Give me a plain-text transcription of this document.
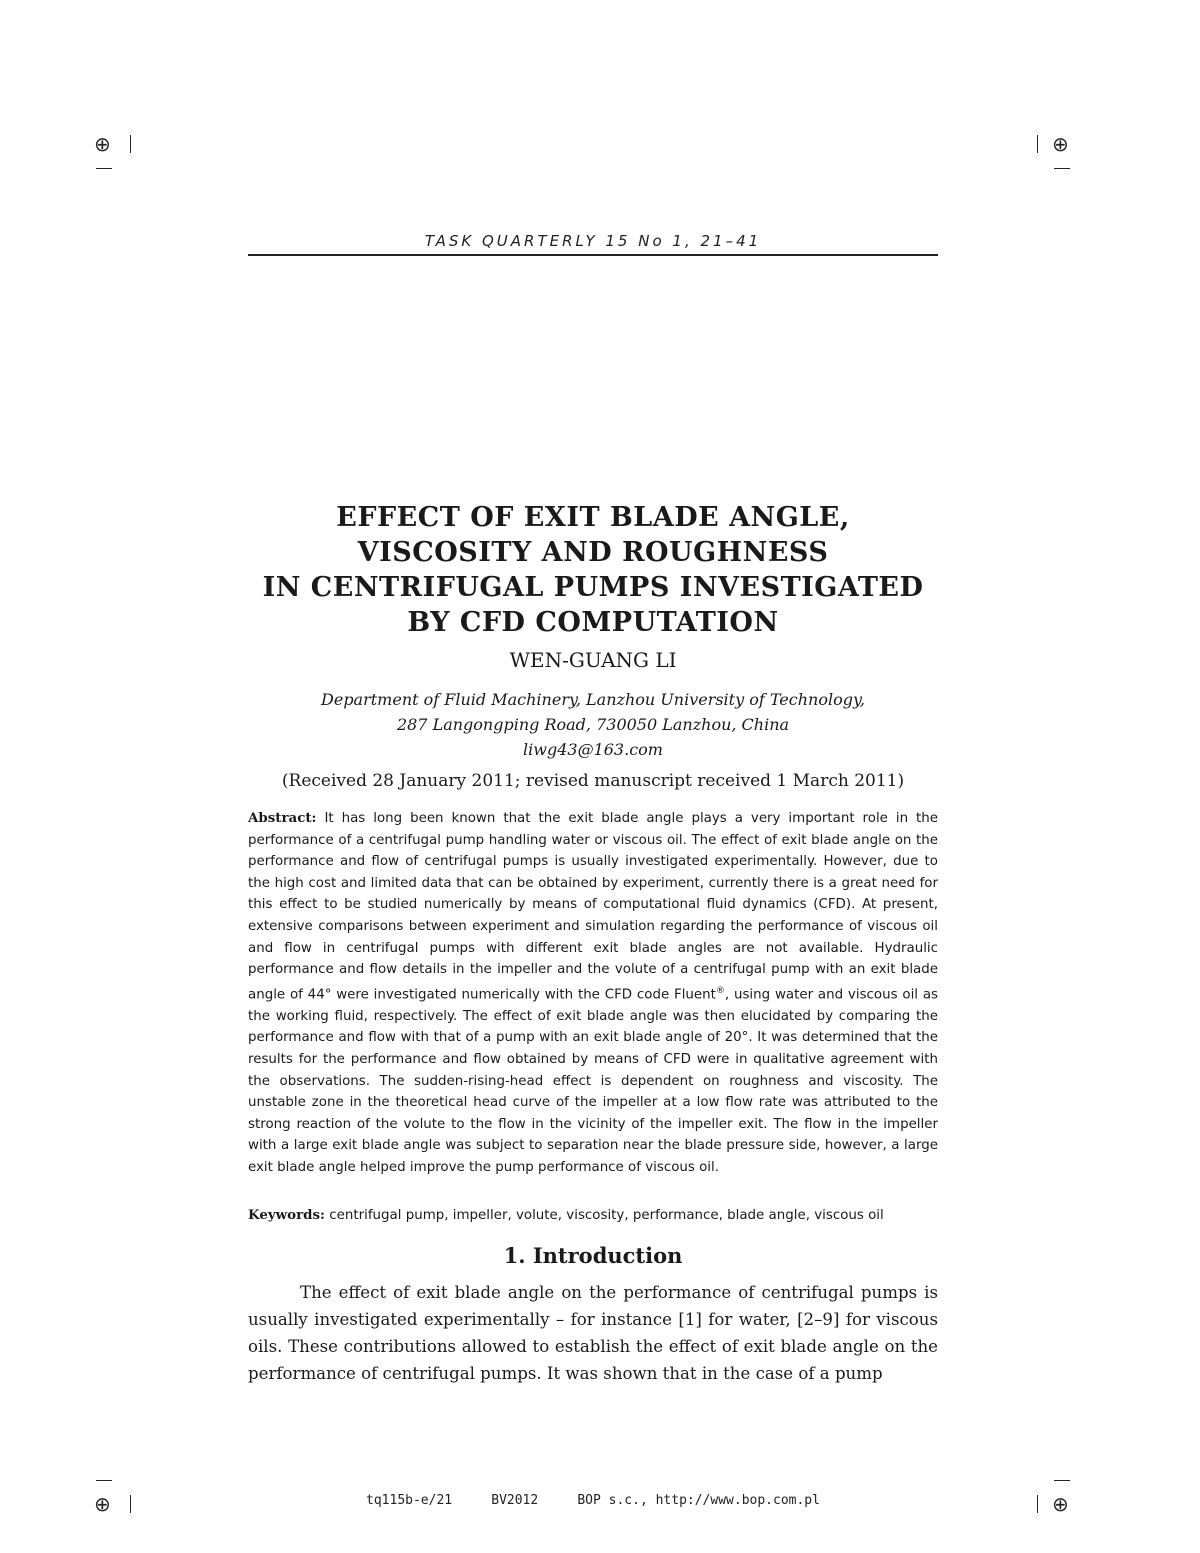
⊕	⊕
⊕	⊕
TASK QUARTERLY 15 No 1, 21–41
EFFECT OF EXIT BLADE ANGLE,
VISCOSITY AND ROUGHNESS
IN CENTRIFUGAL PUMPS INVESTIGATED
BY CFD COMPUTATION
WEN-GUANG LI
Department of Fluid Machinery, Lanzhou University of Technology,
287 Langongping Road, 730050 Lanzhou, China
liwg43@163.com
(Received 28 January 2011; revised manuscript received 1 March 2011)
Abstract: It has long been known that the exit blade angle plays a very important role in the performance of a centrifugal pump handling water or viscous oil. The effect of exit blade angle on the performance and flow of centrifugal pumps is usually investigated experimentally. However, due to the high cost and limited data that can be obtained by experiment, currently there is a great need for this effect to be studied numerically by means of computational fluid dynamics (CFD). At present, extensive comparisons between experiment and simulation regarding the performance of viscous oil and flow in centrifugal pumps with different exit blade angles are not available. Hydraulic performance and flow details in the impeller and the volute of a centrifugal pump with an exit blade angle of 44° were investigated numerically with the CFD code Fluent®, using water and viscous oil as the working fluid, respectively. The effect of exit blade angle was then elucidated by comparing the performance and flow with that of a pump with an exit blade angle of 20°. It was determined that the results for the performance and flow obtained by means of CFD were in qualitative agreement with the observations. The sudden-rising-head effect is dependent on roughness and viscosity. The unstable zone in the theoretical head curve of the impeller at a low flow rate was attributed to the strong reaction of the volute to the flow in the vicinity of the impeller exit. The flow in the impeller with a large exit blade angle was subject to separation near the blade pressure side, however, a large exit blade angle helped improve the pump performance of viscous oil.
Keywords: centrifugal pump, impeller, volute, viscosity, performance, blade angle, viscous oil
1. Introduction
The effect of exit blade angle on the performance of centrifugal pumps is usually investigated experimentally – for instance [1] for water, [2–9] for viscous oils. These contributions allowed to establish the effect of exit blade angle on the performance of centrifugal pumps. It was shown that in the case of a pump
tq115b-e/21     BV2012     BOP s.c., http://www.bop.com.pl
